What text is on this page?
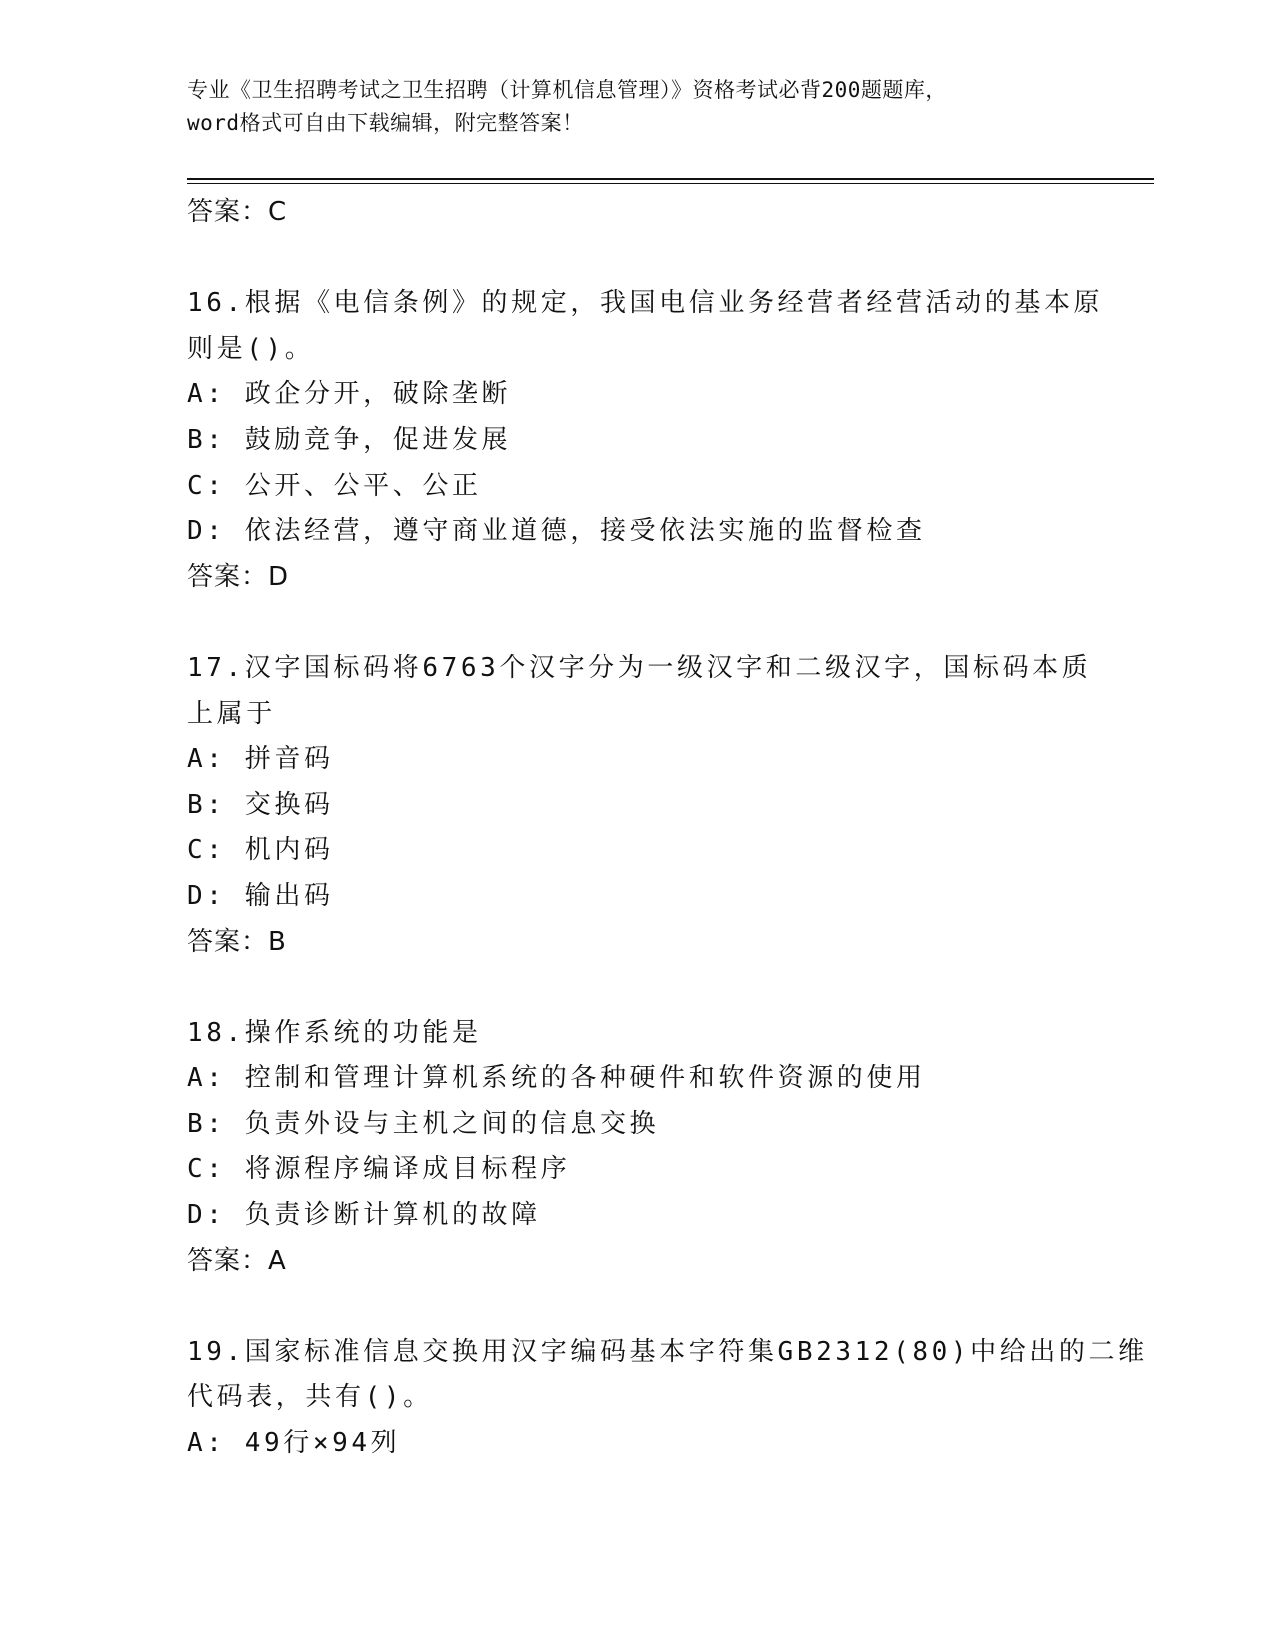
专业《卫生招聘考试之卫生招聘（计算机信息管理）》资格考试必背200题题库，
word格式可自由下载编辑，附完整答案！
答案：C
16.根据《电信条例》的规定，我国电信业务经营者经营活动的基本原
则是()。
A: 政企分开，破除垄断
B: 鼓励竞争，促进发展
C: 公开、公平、公正
D: 依法经营，遵守商业道德，接受依法实施的监督检查
答案：D
17.汉字国标码将6763个汉字分为一级汉字和二级汉字，国标码本质
上属于
A: 拼音码
B: 交换码
C: 机内码
D: 输出码
答案：B
18.操作系统的功能是
A: 控制和管理计算机系统的各种硬件和软件资源的使用
B: 负责外设与主机之间的信息交换
C: 将源程序编译成目标程序
D: 负责诊断计算机的故障
答案：A
19.国家标准信息交换用汉字编码基本字符集GB2312(80)中给出的二维
代码表，共有()。
A: 49行×94列
